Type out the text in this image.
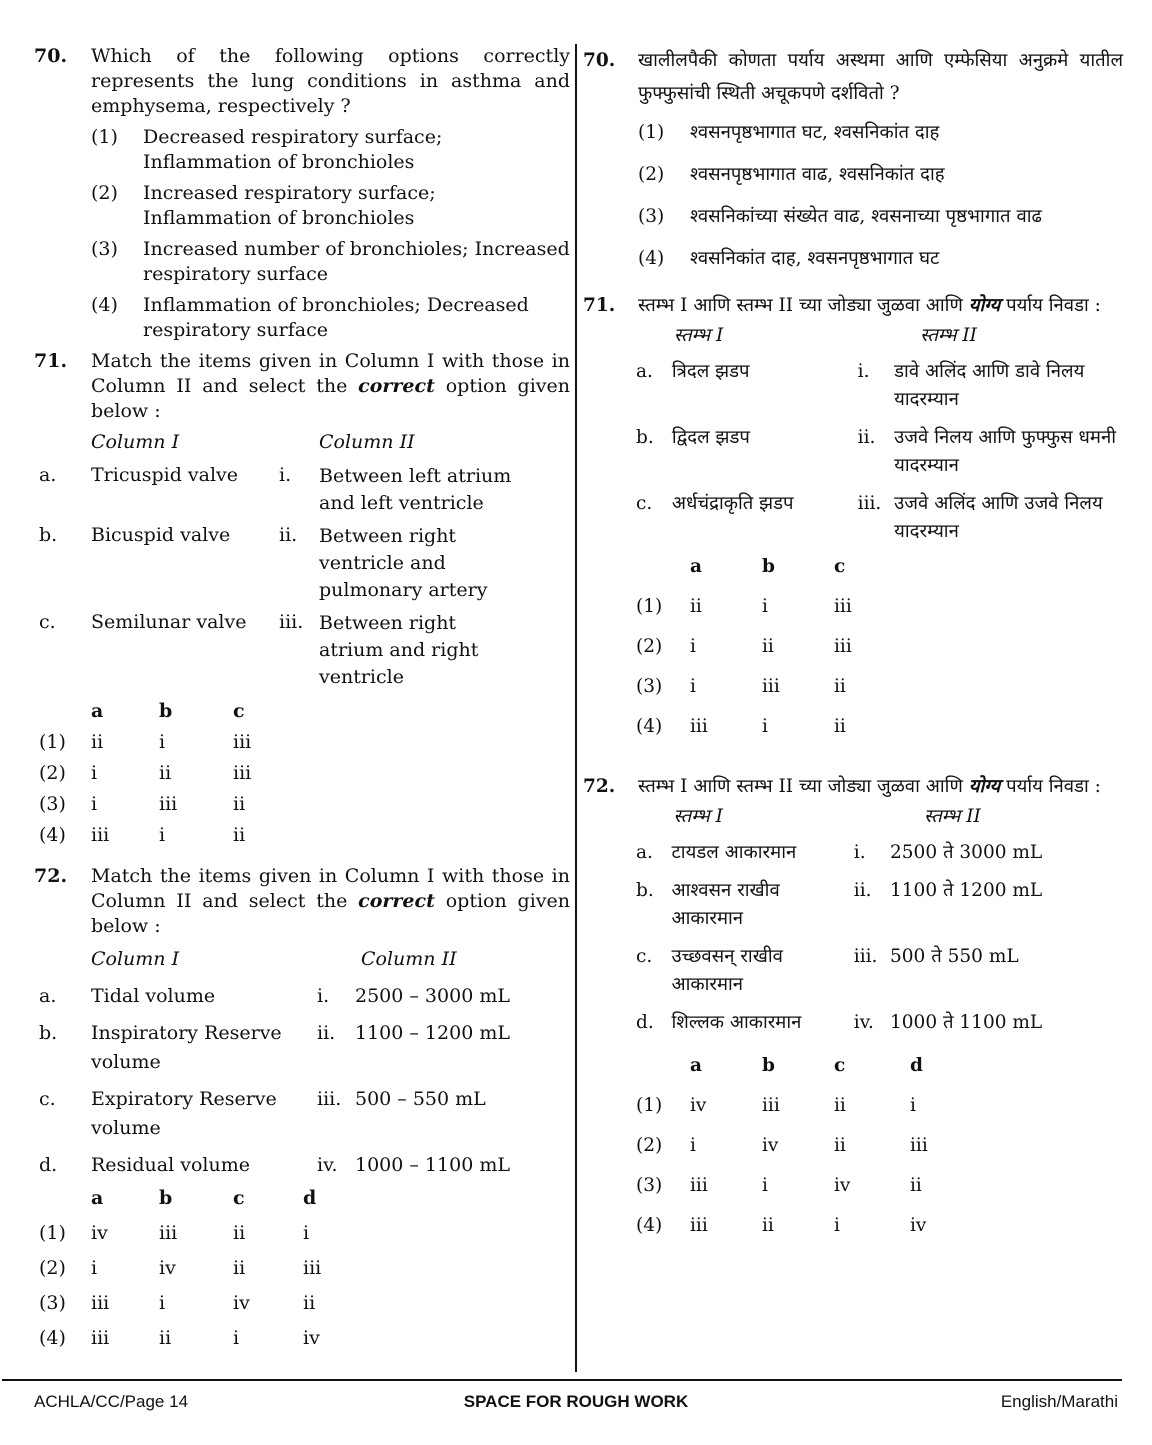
70. Which of the following options correctly represents the lung conditions in asthma and emphysema, respectively ?
(1) Decreased respiratory surface; Inflammation of bronchioles
(2) Increased respiratory surface; Inflammation of bronchioles
(3) Increased number of bronchioles; Increased respiratory surface
(4) Inflammation of bronchioles; Decreased respiratory surface
71. Match the items given in Column I with those in Column II and select the correct option given below :
	Column I		Column II
a.	Tricuspid valve	i.	Between left atrium and left ventricle
b.	Bicuspid valve	ii.	Between right ventricle and pulmonary artery
c.	Semilunar valve	iii.	Between right atrium and right ventricle
	a	b	c
(1)	ii	i	iii
(2)	i	ii	iii
(3)	i	iii	ii
(4)	iii	i	ii
72. Match the items given in Column I with those in Column II and select the correct option given below :
	Column I		Column II
a.	Tidal volume	i.	2500 – 3000 mL
b.	Inspiratory Reserve volume	ii.	1100 – 1200 mL
c.	Expiratory Reserve volume	iii.	500 – 550 mL
d.	Residual volume	iv.	1000 – 1100 mL
	a	b	c	d
(1)	iv	iii	ii	i
(2)	i	iv	ii	iii
(3)	iii	i	iv	ii
(4)	iii	ii	i	iv
70. खालीलपैकी कोणता पर्याय अस्थमा आणि एम्फेसिया अनुक्रमे यातील फुफ्फुसांची स्थिती अचूकपणे दर्शवितो ?
(1) श्वसनपृष्ठभागात घट, श्वसनिकांत दाह
(2) श्वसनपृष्ठभागात वाढ, श्वसनिकांत दाह
(3) श्वसनिकांच्या संख्येत वाढ, श्वसनाच्या पृष्ठभागात वाढ
(4) श्वसनिकांत दाह, श्वसनपृष्ठभागात घट
71. स्तम्भ I आणि स्तम्भ II च्या जोड्या जुळवा आणि योग्य पर्याय निवडा :
	स्तम्भ I		स्तम्भ II
a.	त्रिदल झडप	i.	डावे अलिंद आणि डावे निलय यादरम्यान
b.	द्विदल झडप	ii.	उजवे निलय आणि फुफ्फुस धमनी यादरम्यान
c.	अर्धचंद्राकृति झडप	iii.	उजवे अलिंद आणि उजवे निलय यादरम्यान
	a	b	c
(1)	ii	i	iii
(2)	i	ii	iii
(3)	i	iii	ii
(4)	iii	i	ii
72. स्तम्भ I आणि स्तम्भ II च्या जोड्या जुळवा आणि योग्य पर्याय निवडा :
	स्तम्भ I		स्तम्भ II
a.	टायडल आकारमान	i.	2500 ते 3000 mL
b.	आश्वसन राखीव आकारमान	ii.	1100 ते 1200 mL
c.	उच्छवसन् राखीव आकारमान	iii.	500 ते 550 mL
d.	शिल्लक आकारमान	iv.	1000 ते 1100 mL
	a	b	c	d
(1)	iv	iii	ii	i
(2)	i	iv	ii	iii
(3)	iii	i	iv	ii
(4)	iii	ii	i	iv
ACHLA/CC/Page 14	SPACE FOR ROUGH WORK	English/Marathi
